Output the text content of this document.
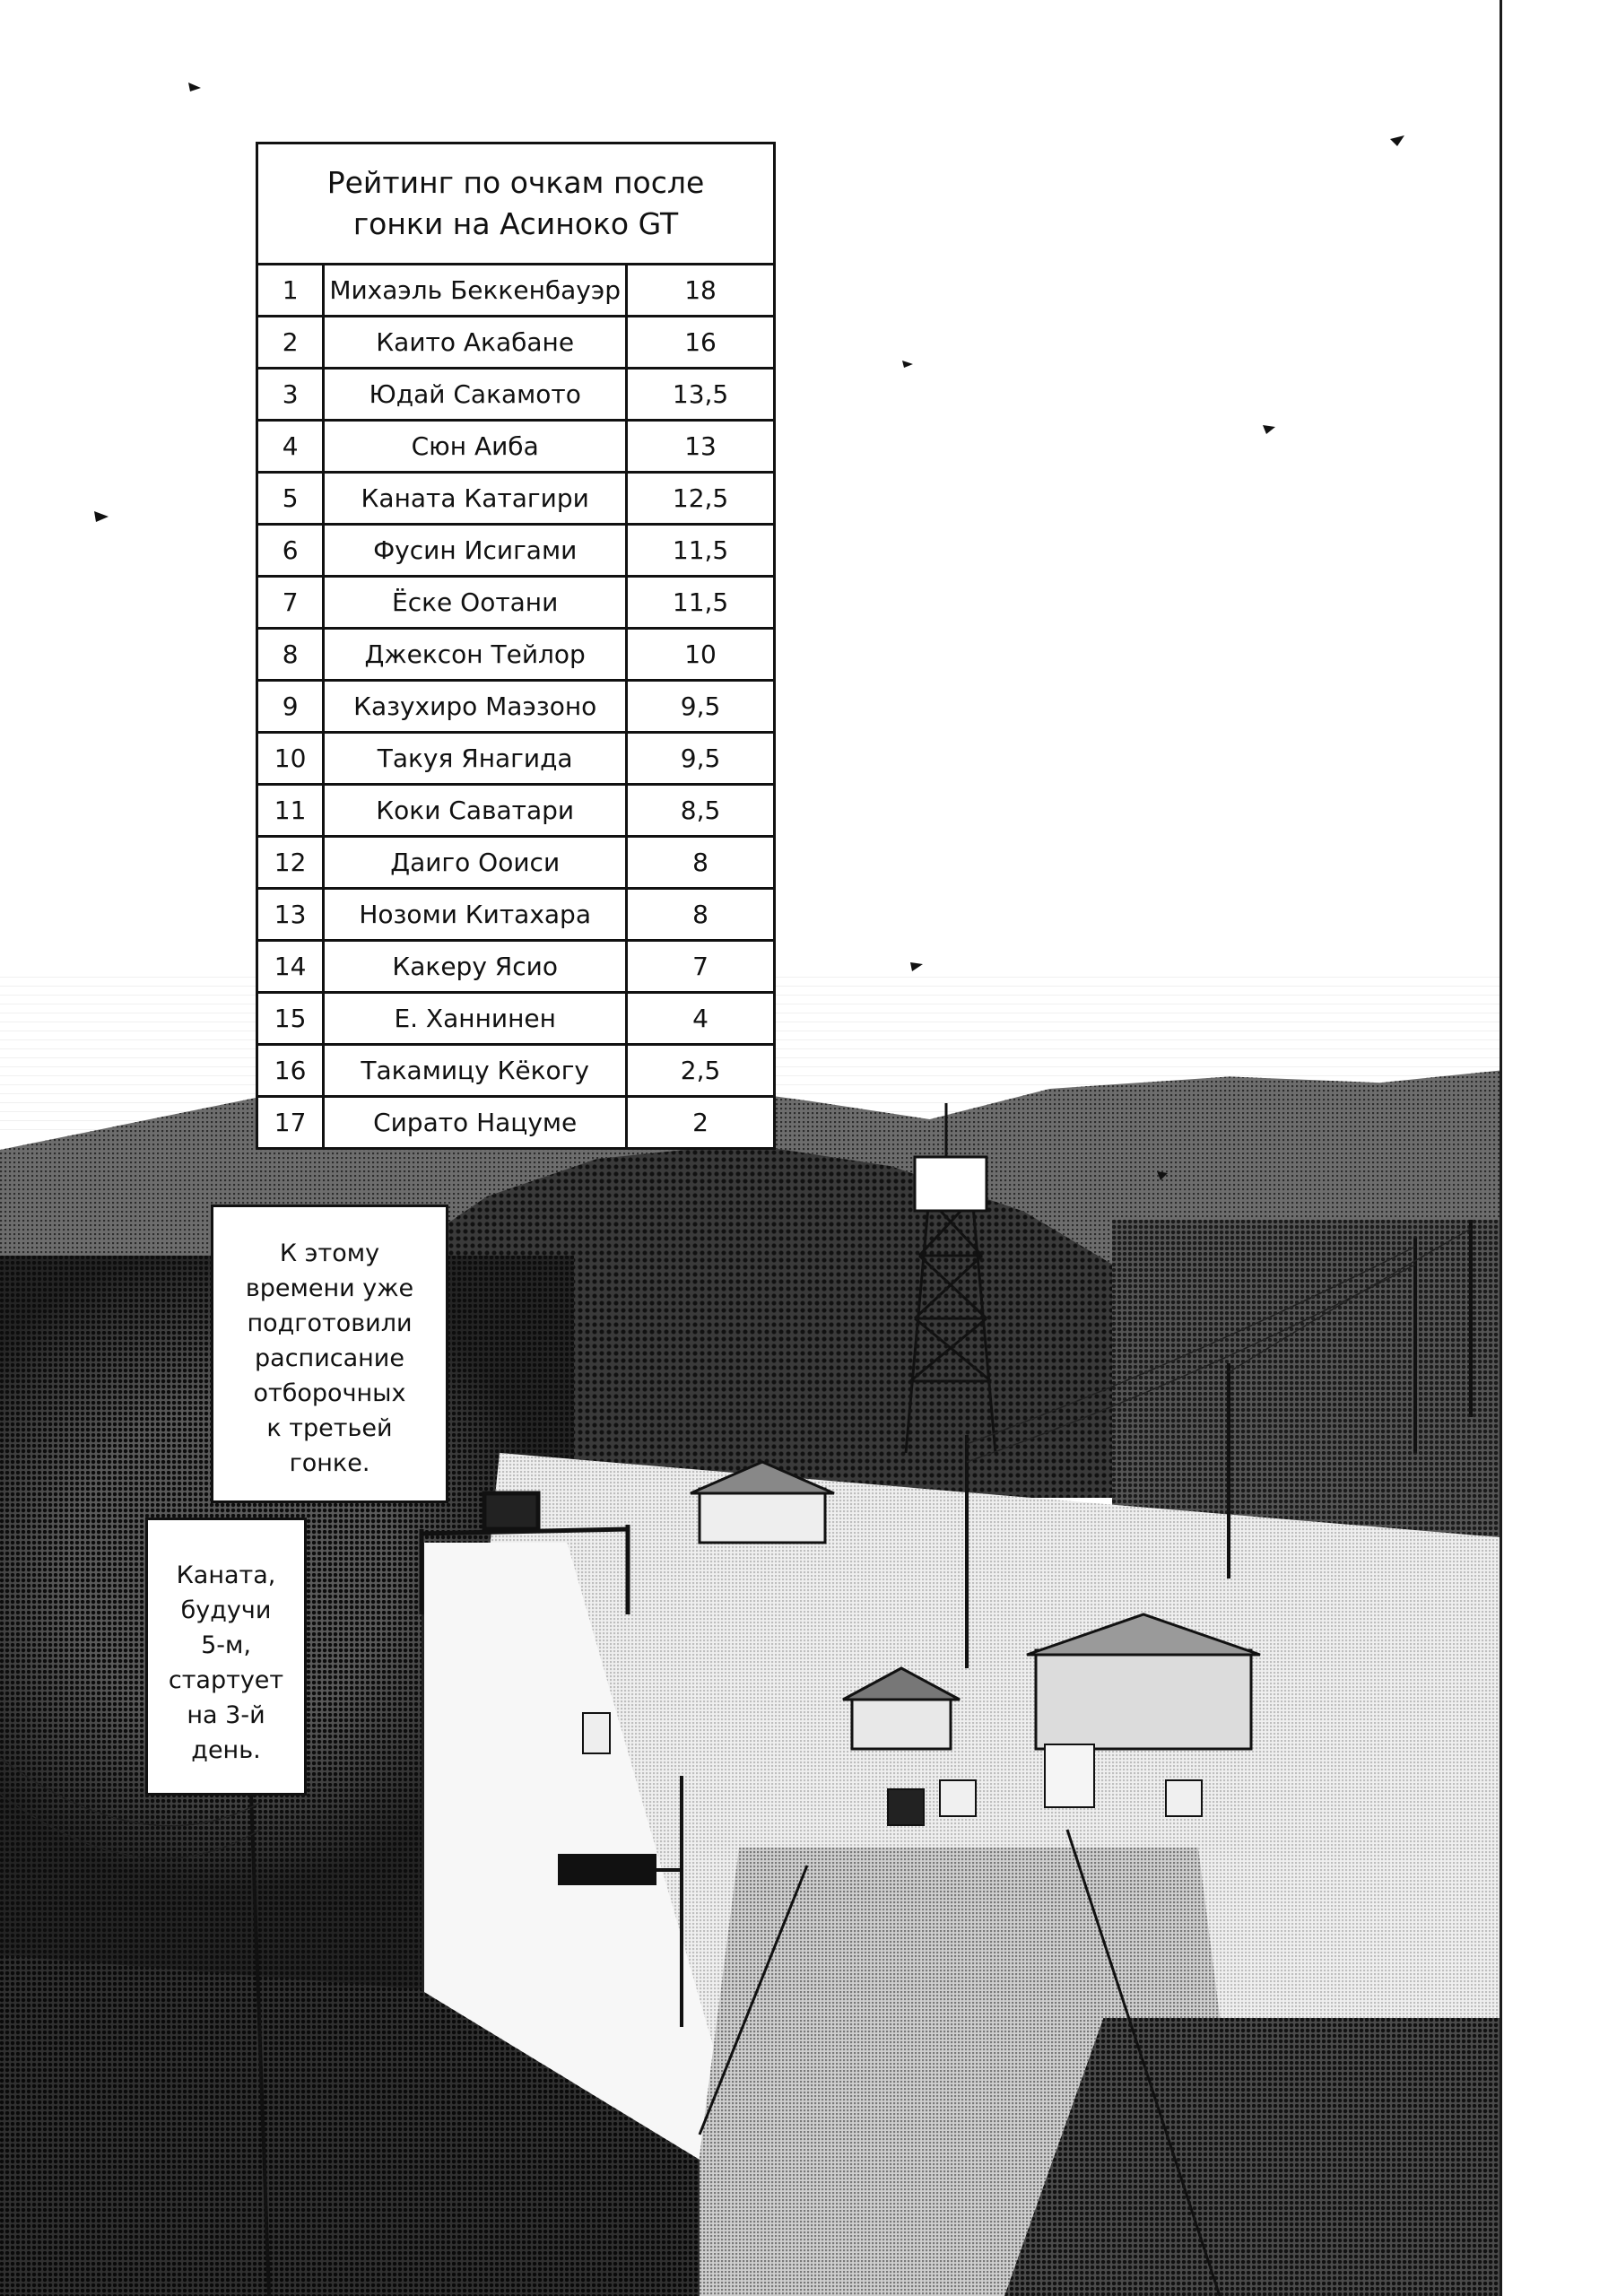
Рейтинг по очкам после
гонки на Асиноко GT		
1	Михаэль Беккенбауэр	18
2	Каито Акабане	16
3	Юдай Сакамото	13,5
4	Сюн Аиба	13
5	Каната Катагири	12,5
6	Фусин Исигами	11,5
7	Ёске Оотани	11,5
8	Джексон Тейлор	10
9	Казухиро Маэзоно	9,5
10	Такуя Янагида	9,5
11	Коки Саватари	8,5
12	Даиго Ооиси	8
13	Нозоми Китахара	8
14	Какеру Ясио	7
15	Е. Ханнинен	4
16	Такамицу Кёкогу	2,5
17	Сирато Нацуме	2
К этому
времени уже
подготовили
расписание
отборочных
к третьей
гонке.
Каната,
будучи
5-м,
стартует
на 3-й
день.
